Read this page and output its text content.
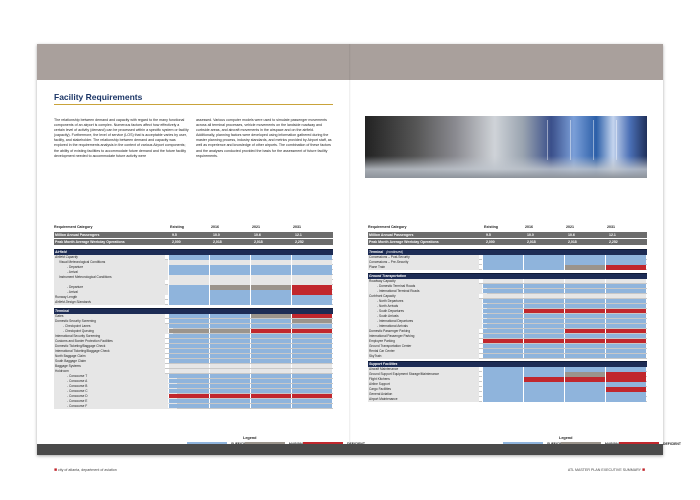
Facility Requirements

The relationship between demand and capacity with regard to the many functional components of an airport is complex. Numerous factors affect how effectively a certain level of activity (demand) can be processed within a specific system or facility (capacity). Furthermore, the level of service (LOS) that is acceptable varies by user, facility, and stakeholder. The relationship between demand and capacity was explored in the requirements analysis in the context of various Airport components; the ability of existing facilities to accommodate future demand and the future facility development needed to accommodate future activity were

assessed. Various computer models were used to simulate passenger movements across all terminal processes, vehicle movements on the landside roadway and curbside areas, and aircraft movements in the airspace and on the airfield. Additionally, planning factors were developed using information gathered during the master planning process, industry standards, and metrics provided by Airport staff, as well as experience and knowledge of other airports. The combination of these factors and the analyses conducted provided the basis for the assessment of future facility requirements.

Requirement Category	Existing	2016	2021	2031
Million Annual Passengers	9.5	10.0	10.6	12.1
Peak Month Average Weekday Operations	2,000	2,018	2,018	2,252
Airfield
Airfield Capacity
Visual Meteorological Conditions
- Departure
- Arrival
Instrument Meteorological Conditions
- Departure
- Arrival
Runway Length
Airfield Design Standards
Terminal
Gates
Domestic Security Screening
- Checkpoint Lanes
- Checkpoint Queuing
International Security Screening
Customs and Border Protection Facilities
Domestic Ticketing/Baggage Check
International Ticketing/Baggage Check
North Baggage Claim
South Baggage Claim
Baggage Systems
Holdroom
- Concourse T
- Concourse A
- Concourse B
- Concourse C
- Concourse D
- Concourse E
- Concourse F

Legend

■ city of atlanta, department of aviation
Requirement Category	Existing	2016	2021	2031
Million Annual Passengers	9.5	10.0	10.6	12.1
Peak Month Average Weekday Operations	2,000	2,018	2,018	2,252
Terminal (continued)
Concessions – Post-Security
Concessions – Pre-Security
Plane Train
Ground Transportation
Roadway Capacity
- Domestic Terminal Roads
- International Terminal Roads
Curbfront Capacity
- North Departures
- North Arrivals
- South Departures
- South Arrivals
- International Departures
- International Arrivals
Domestic Passenger Parking
International Passenger Parking
Employee Parking
Ground Transportation Center
Rental Car Center
SkyTrain
Support Facilities
Aircraft Maintenance
Ground Support Equipment Storage/Maintenance
Flight Kitchens
Airline Support
Cargo Facilities
General Aviation
Airport Maintenance

Legend

DEFICIENT
ATL MASTER PLAN EXECUTIVE SUMMARY ■
